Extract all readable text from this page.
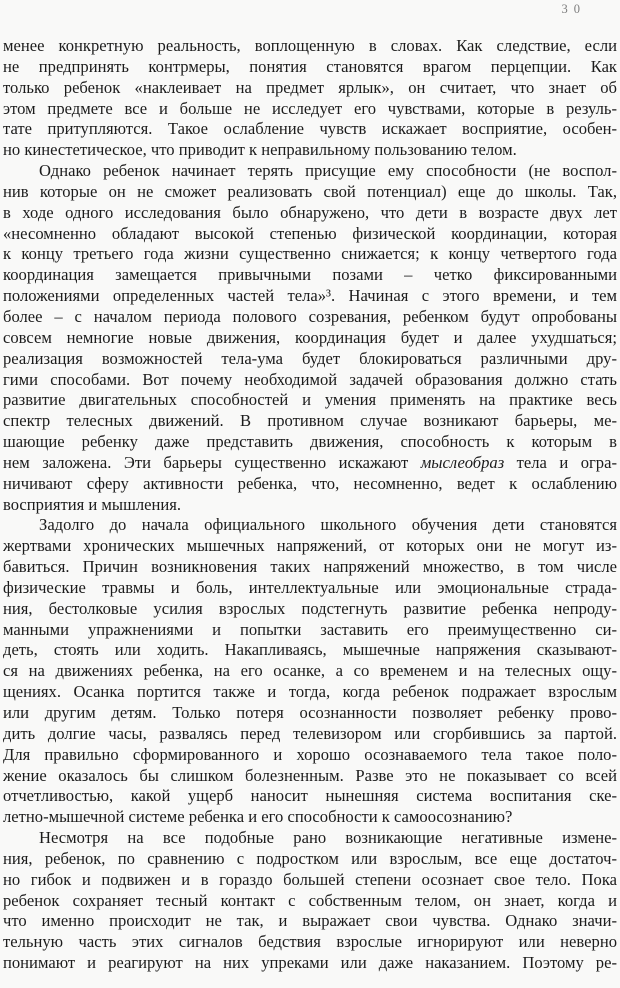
30
менее конкретную реальность, воплощенную в словах. Как следствие, если
не предпринять контрмеры, понятия становятся врагом перцепции. Как
только ребенок «наклеивает на предмет ярлык», он считает, что знает об
этом предмете все и больше не исследует его чувствами, которые в резуль-
тате притупляются. Такое ослабление чувств искажает восприятие, особен-
но кинестетическое, что приводит к неправильному пользованию телом.
Однако ребенок начинает терять присущие ему способности (не воспол-
нив которые он не сможет реализовать свой потенциал) еще до школы. Так,
в ходе одного исследования было обнаружено, что дети в возрасте двух лет
«несомненно обладают высокой степенью физической координации, которая
к концу третьего года жизни существенно снижается; к концу четвертого года
координация замещается привычными позами – четко фиксированными
положениями определенных частей тела»³. Начиная с этого времени, и тем
более – с началом периода полового созревания, ребенком будут опробованы
совсем немногие новые движения, координация будет и далее ухудшаться;
реализация возможностей тела-ума будет блокироваться различными дру-
гими способами. Вот почему необходимой задачей образования должно стать
развитие двигательных способностей и умения применять на практике весь
спектр телесных движений. В противном случае возникают барьеры, ме-
шающие ребенку даже представить движения, способность к которым в
нем заложена. Эти барьеры существенно искажают мыслеобраз тела и огра-
ничивают сферу активности ребенка, что, несомненно, ведет к ослаблению
восприятия и мышления.
Задолго до начала официального школьного обучения дети становятся
жертвами хронических мышечных напряжений, от которых они не могут из-
бавиться. Причин возникновения таких напряжений множество, в том числе
физические травмы и боль, интеллектуальные или эмоциональные страда-
ния, бестолковые усилия взрослых подстегнуть развитие ребенка непроду-
манными упражнениями и попытки заставить его преимущественно си-
деть, стоять или ходить. Накапливаясь, мышечные напряжения сказывают-
ся на движениях ребенка, на его осанке, а со временем и на телесных ощу-
щениях. Осанка портится также и тогда, когда ребенок подражает взрослым
или другим детям. Только потеря осознанности позволяет ребенку прово-
дить долгие часы, развалясь перед телевизором или сгорбившись за партой.
Для правильно сформированного и хорошо осознаваемого тела такое поло-
жение оказалось бы слишком болезненным. Разве это не показывает со всей
отчетливостью, какой ущерб наносит нынешняя система воспитания ске-
летно-мышечной системе ребенка и его способности к самоосознанию?
Несмотря на все подобные рано возникающие негативные измене-
ния, ребенок, по сравнению с подростком или взрослым, все еще достаточ-
но гибок и подвижен и в гораздо большей степени осознает свое тело. Пока
ребенок сохраняет тесный контакт с собственным телом, он знает, когда и
что именно происходит не так, и выражает свои чувства. Однако значи-
тельную часть этих сигналов бедствия взрослые игнорируют или неверно
понимают и реагируют на них упреками или даже наказанием. Поэтому ре-
